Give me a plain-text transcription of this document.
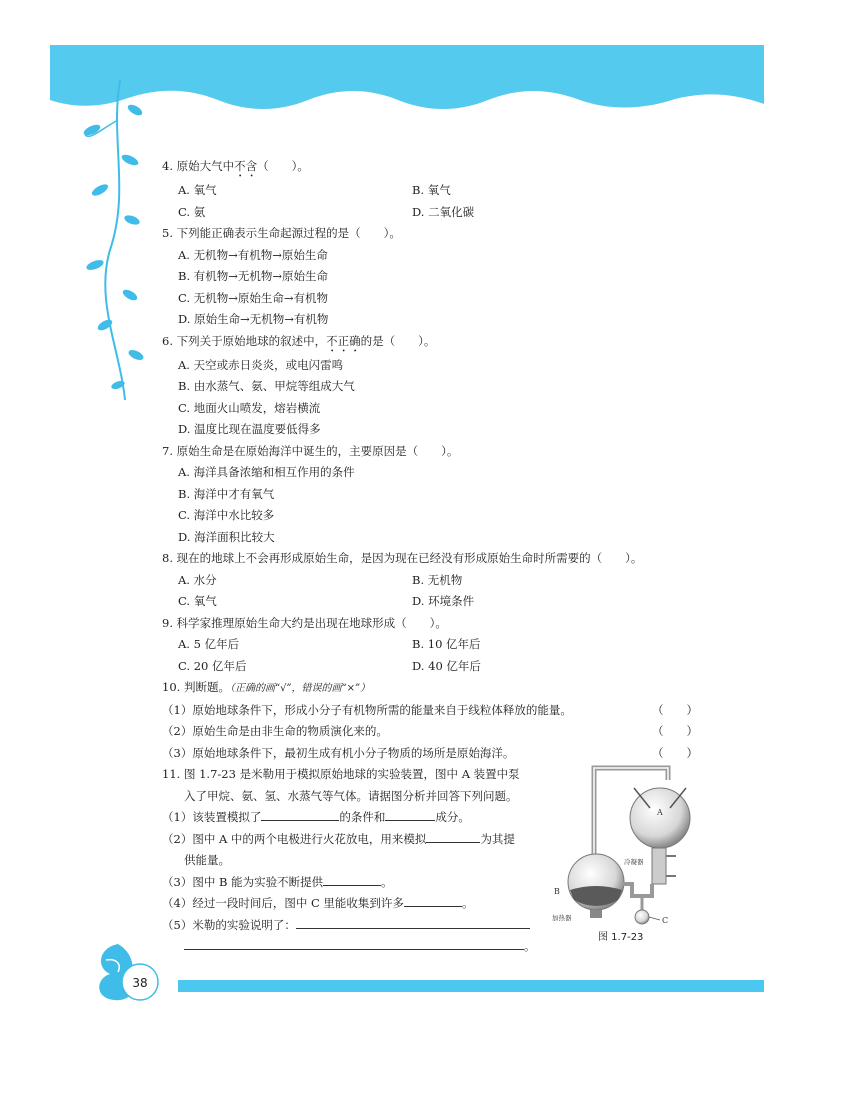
4. 原始大气中不含（　　）。
A. 氧气	B. 氧气
C. 氨	D. 二氧化碳
5. 下列能正确表示生命起源过程的是（　　）。
A. 无机物→有机物→原始生命
B. 有机物→无机物→原始生命
C. 无机物→原始生命→有机物
D. 原始生命→无机物→有机物
6. 下列关于原始地球的叙述中，不正确的是（　　）。
A. 天空或赤日炎炎，或电闪雷鸣
B. 由水蒸气、氨、甲烷等组成大气
C. 地面火山喷发，熔岩横流
D. 温度比现在温度要低得多
7. 原始生命是在原始海洋中诞生的，主要原因是（　　）。
A. 海洋具备浓缩和相互作用的条件
B. 海洋中才有氧气
C. 海洋中水比较多
D. 海洋面积比较大
8. 现在的地球上不会再形成原始生命，是因为现在已经没有形成原始生命时所需要的（　　）。
A. 水分	B. 无机物
C. 氧气	D. 环境条件
9. 科学家推理原始生命大约是出现在地球形成（　　）。
A. 5 亿年后	B. 10 亿年后
C. 20 亿年后	D. 40 亿年后
10. 判断题。（正确的画“√”，错误的画“×”）
（1）原始地球条件下，形成小分子有机物所需的能量来自于线粒体释放的能量。	（　　）
（2）原始生命是由非生命的物质演化来的。	（　　）
（3）原始地球条件下，最初生成有机小分子物质的场所是原始海洋。	（　　）
11. 图 1.7-23 是米勒用于模拟原始地球的实验装置，图中 A 装置中泵
入了甲烷、氨、氢、水蒸气等气体。请据图分析并回答下列问题。
（1）该装置模拟了	的条件和	成分。
（2）图中 A 中的两个电极进行火花放电，用来模拟	为其提
供能量。
（3）图中 B 能为实验不断提供	。
（4）经过一段时间后，图中 C 里能收集到许多	。
（5）米勒的实验说明了：
。
A
冷凝器
B
加热器	C
图 1.7-23
38
